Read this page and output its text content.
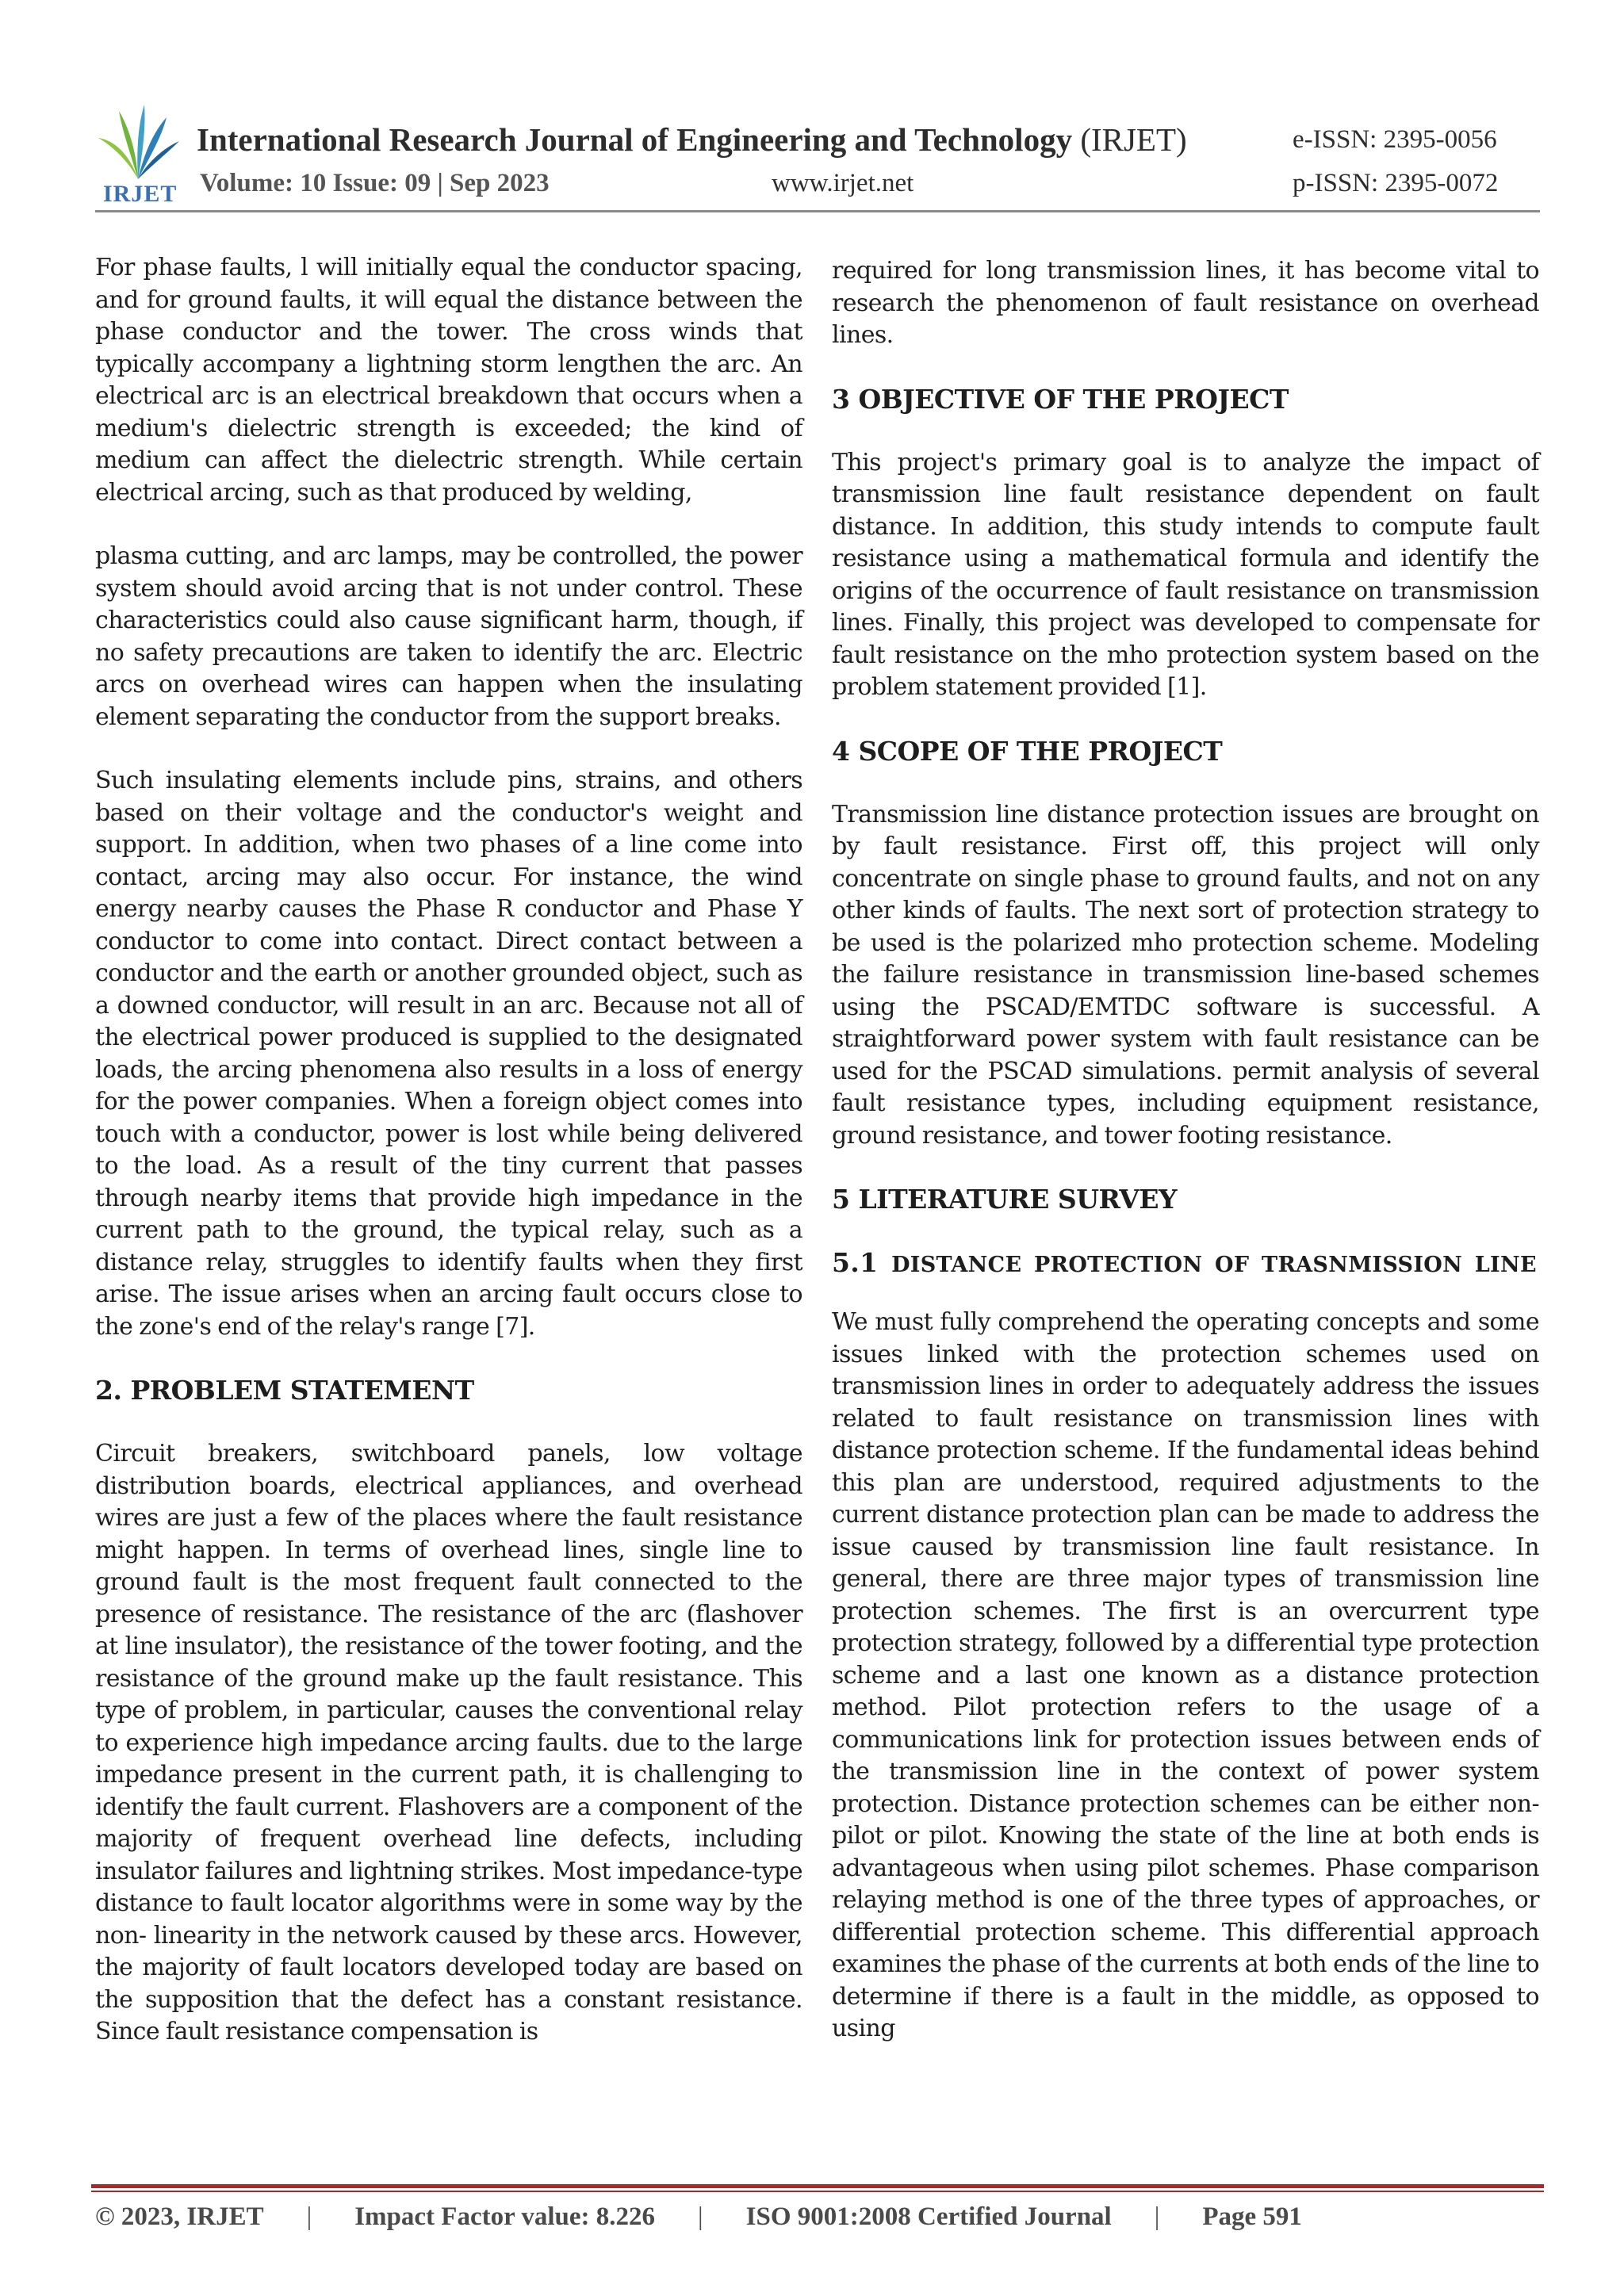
IRJET
International Research Journal of Engineering and Technology (IRJET)	e-ISSN: 2395-0056
Volume: 10 Issue: 09 | Sep 2023	www.irjet.net	p-ISSN: 2395-0072

For phase faults, l will initially equal the conductor spacing, and for ground faults, it will equal the distance between the phase conductor and the tower. The cross winds that typically accompany a lightning storm lengthen the arc. An electrical arc is an electrical breakdown that occurs when a medium's dielectric strength is exceeded; the kind of medium can affect the dielectric strength. While certain electrical arcing, such as that produced by welding,

plasma cutting, and arc lamps, may be controlled, the power system should avoid arcing that is not under control. These characteristics could also cause significant harm, though, if no safety precautions are taken to identify the arc. Electric arcs on overhead wires can happen when the insulating element separating the conductor from the support breaks.

Such insulating elements include pins, strains, and others based on their voltage and the conductor's weight and support. In addition, when two phases of a line come into contact, arcing may also occur. For instance, the wind energy nearby causes the Phase R conductor and Phase Y conductor to come into contact. Direct contact between a conductor and the earth or another grounded object, such as a downed conductor, will result in an arc. Because not all of the electrical power produced is supplied to the designated loads, the arcing phenomena also results in a loss of energy for the power companies. When a foreign object comes into touch with a conductor, power is lost while being delivered to the load. As a result of the tiny current that passes through nearby items that provide high impedance in the current path to the ground, the typical relay, such as a distance relay, struggles to identify faults when they first arise. The issue arises when an arcing fault occurs close to the zone's end of the relay's range [7].

2. PROBLEM STATEMENT

Circuit breakers, switchboard panels, low voltage distribution boards, electrical appliances, and overhead wires are just a few of the places where the fault resistance might happen. In terms of overhead lines, single line to ground fault is the most frequent fault connected to the presence of resistance. The resistance of the arc (flashover at line insulator), the resistance of the tower footing, and the resistance of the ground make up the fault resistance. This type of problem, in particular, causes the conventional relay to experience high impedance arcing faults. due to the large impedance present in the current path, it is challenging to identify the fault current. Flashovers are a component of the majority of frequent overhead line defects, including insulator failures and lightning strikes. Most impedance-type distance to fault locator algorithms were in some way by the non- linearity in the network caused by these arcs. However, the majority of fault locators developed today are based on the supposition that the defect has a constant resistance. Since fault resistance compensation is

required for long transmission lines, it has become vital to research the phenomenon of fault resistance on overhead lines.

3 OBJECTIVE OF THE PROJECT

This project's primary goal is to analyze the impact of transmission line fault resistance dependent on fault distance. In addition, this study intends to compute fault resistance using a mathematical formula and identify the origins of the occurrence of fault resistance on transmission lines. Finally, this project was developed to compensate for fault resistance on the mho protection system based on the problem statement provided [1].

4 SCOPE OF THE PROJECT

Transmission line distance protection issues are brought on by fault resistance. First off, this project will only concentrate on single phase to ground faults, and not on any other kinds of faults. The next sort of protection strategy to be used is the polarized mho protection scheme. Modeling the failure resistance in transmission line-based schemes using the PSCAD/EMTDC software is successful. A straightforward power system with fault resistance can be used for the PSCAD simulations. permit analysis of several fault resistance types, including equipment resistance, ground resistance, and tower footing resistance.

5 LITERATURE SURVEY
5.1 DISTANCE PROTECTION OF TRASNMISSION LINE

We must fully comprehend the operating concepts and some issues linked with the protection schemes used on transmission lines in order to adequately address the issues related to fault resistance on transmission lines with distance protection scheme. If the fundamental ideas behind this plan are understood, required adjustments to the current distance protection plan can be made to address the issue caused by transmission line fault resistance. In general, there are three major types of transmission line protection schemes. The first is an overcurrent type protection strategy, followed by a differential type protection scheme and a last one known as a distance protection method. Pilot protection refers to the usage of a communications link for protection issues between ends of the transmission line in the context of power system protection. Distance protection schemes can be either non-pilot or pilot. Knowing the state of the line at both ends is advantageous when using pilot schemes. Phase comparison relaying method is one of the three types of approaches, or differential protection scheme. This differential approach examines the phase of the currents at both ends of the line to determine if there is a fault in the middle, as opposed to using

© 2023, IRJET | Impact Factor value: 8.226 | ISO 9001:2008 Certified Journal | Page 591
